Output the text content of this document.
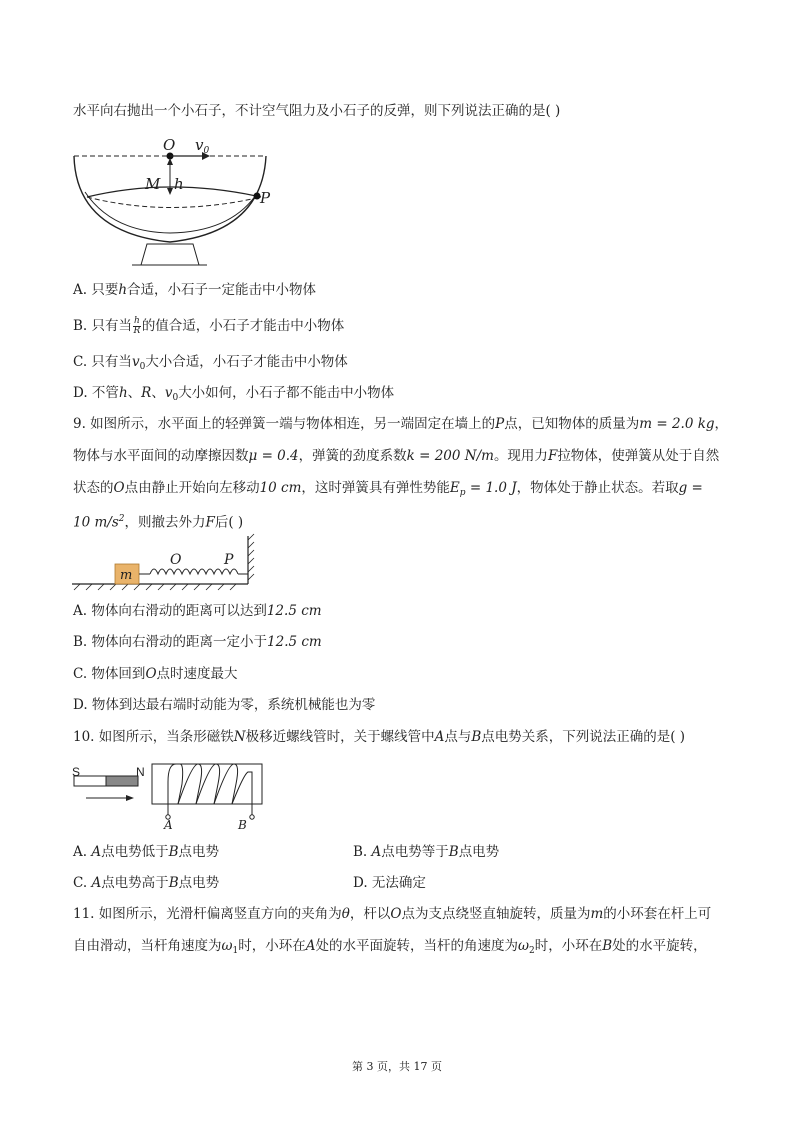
水平向右抛出一个小石子，不计空气阻力及小石子的反弹，则下列说法正确的是( )
O $v_0$
M h
P
A. 只要h合适，小石子一定能击中小物体
B. 只有当 $\frac{h}{R}$ 的值合适，小石子才能击中小物体
C. 只有当$v_0$大小合适，小石子才能击中小物体
D. 不管h、R、$v_0$大小如何，小石子都不能击中小物体
9. 如图所示，水平面上的轻弹簧一端与物体相连，另一端固定在墙上的P点，已知物体的质量为m = 2.0 kg，
物体与水平面间的动摩擦因数μ = 0.4，弹簧的劲度系数k = 200 N/m。现用力F拉物体，使弹簧从处于自然
状态的O点由静止开始向左移动10 cm，这时弹簧具有弹性势能$E_p = 1.0$ J，物体处于静止状态。若取g =
10 $m/s^2$，则撤去外力F后( )
m
O	P
A. 物体向右滑动的距离可以达到12.5 cm
B. 物体向右滑动的距离一定小于12.5 cm
C. 物体回到O点时速度最大
D. 物体到达最右端时动能为零，系统机械能也为零
10. 如图所示，当条形磁铁N极移近螺线管时，关于螺线管中A点与B点电势关系，下列说法正确的是( )
S	N
A	B
A. A点电势低于B点电势	B. A点电势等于B点电势
C. A点电势高于B点电势	D. 无法确定
11. 如图所示，光滑杆偏离竖直方向的夹角为θ，杆以O点为支点绕竖直轴旋转，质量为m的小环套在杆上可
自由滑动，当杆角速度为$\omega_1$时，小环在A处的水平面旋转，当杆的角速度为$\omega_2$时，小环在B处的水平旋转，
第 3 页，共 17 页
